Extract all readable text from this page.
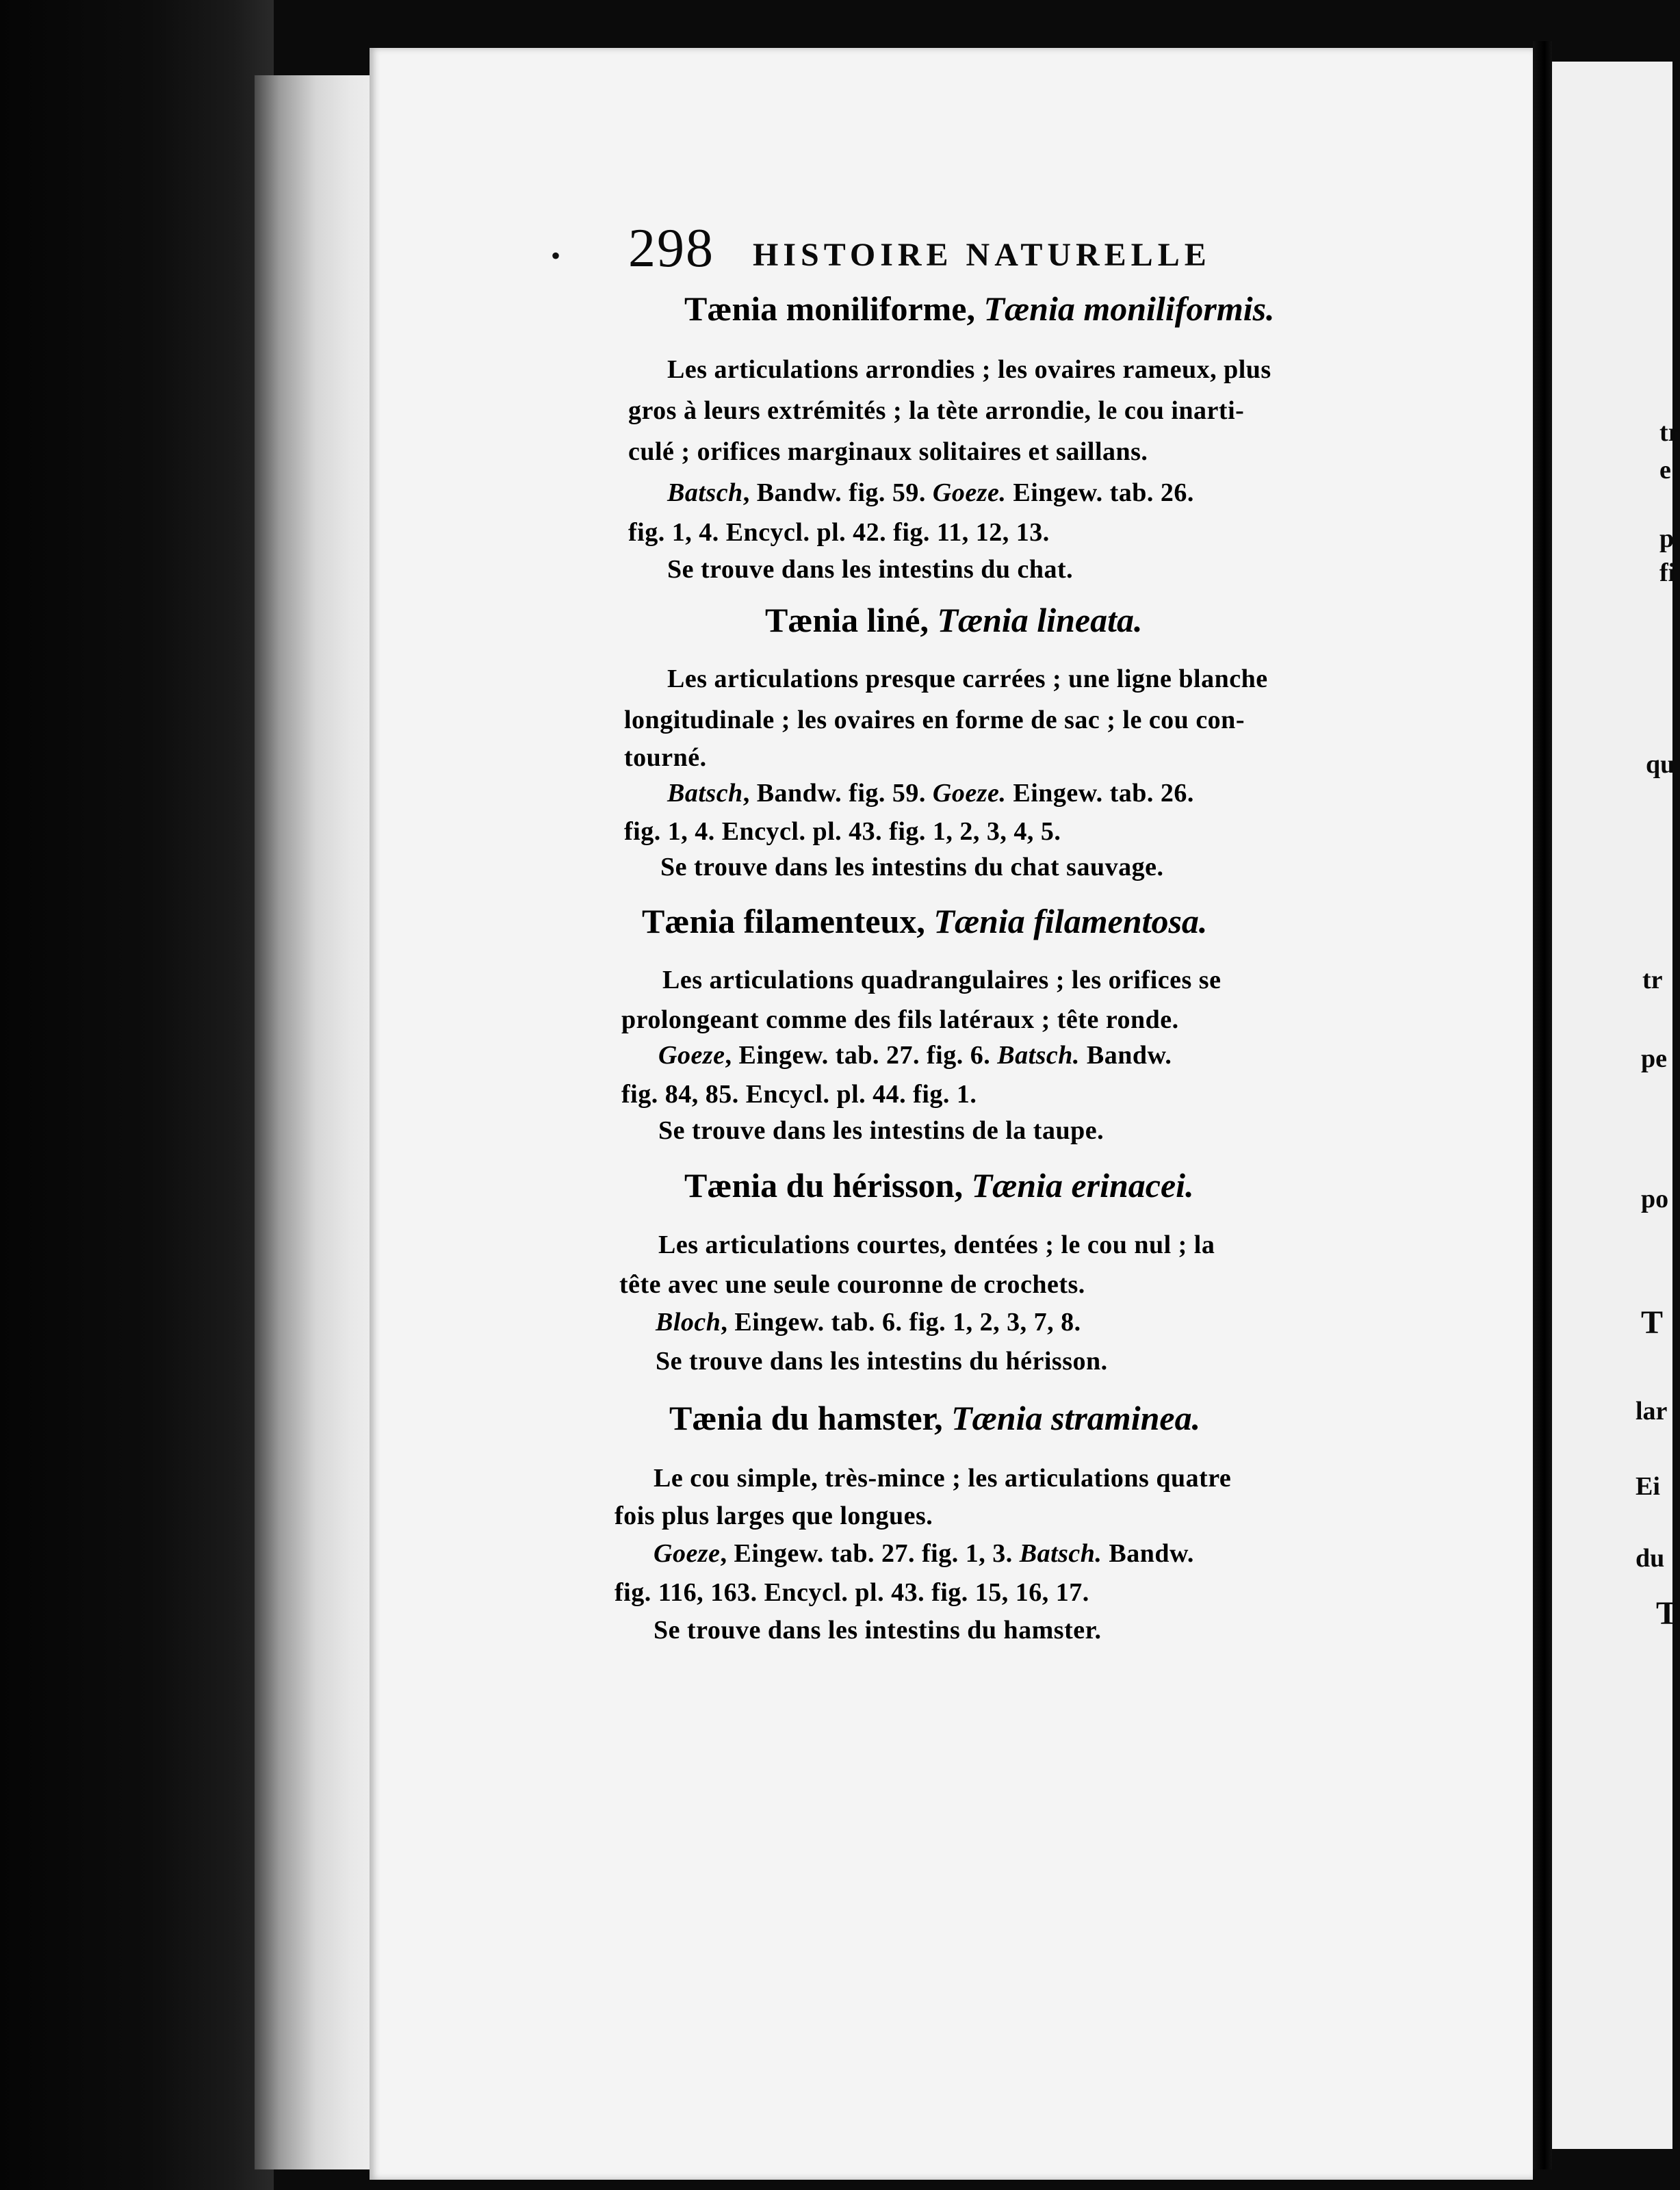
• 298 HISTOIRE NATURELLE
Tænia moniliforme, Tænia moniliformis.
Les articulations arrondies ; les ovaires rameux, plus
gros à leurs extrémités ; la tète arrondie, le cou inarti-
culé ; orifices marginaux solitaires et saillans.
Batsch, Bandw. fig. 59. Goeze. Eingew. tab. 26.
fig. 1, 4. Encycl. pl. 42. fig. 11, 12, 13.
Se trouve dans les intestins du chat.
Tænia liné, Tænia lineata.
Les articulations presque carrées ; une ligne blanche
longitudinale ; les ovaires en forme de sac ; le cou con-
tourné.
Batsch, Bandw. fig. 59. Goeze. Eingew. tab. 26.
fig. 1, 4. Encycl. pl. 43. fig. 1, 2, 3, 4, 5.
Se trouve dans les intestins du chat sauvage.
Tænia filamenteux, Tænia filamentosa.
Les articulations quadrangulaires ; les orifices se
prolongeant comme des fils latéraux ; tête ronde.
Goeze, Eingew. tab. 27. fig. 6. Batsch. Bandw.
fig. 84, 85. Encycl. pl. 44. fig. 1.
Se trouve dans les intestins de la taupe.
Tænia du hérisson, Tænia erinacei.
Les articulations courtes, dentées ; le cou nul ; la
tête avec une seule couronne de crochets.
Bloch, Eingew. tab. 6. fig. 1, 2, 3, 7, 8.
Se trouve dans les intestins du hérisson.
Tænia du hamster, Tænia straminea.
Le cou simple, très-mince ; les articulations quatre
fois plus larges que longues.
Goeze, Eingew. tab. 27. fig. 1, 3. Batsch. Bandw.
fig. 116, 163. Encycl. pl. 43. fig. 15, 16, 17.
Se trouve dans les intestins du hamster.
tr
e
p
fi
qu
tr
pe
po
T
lar
Ei
du
T
